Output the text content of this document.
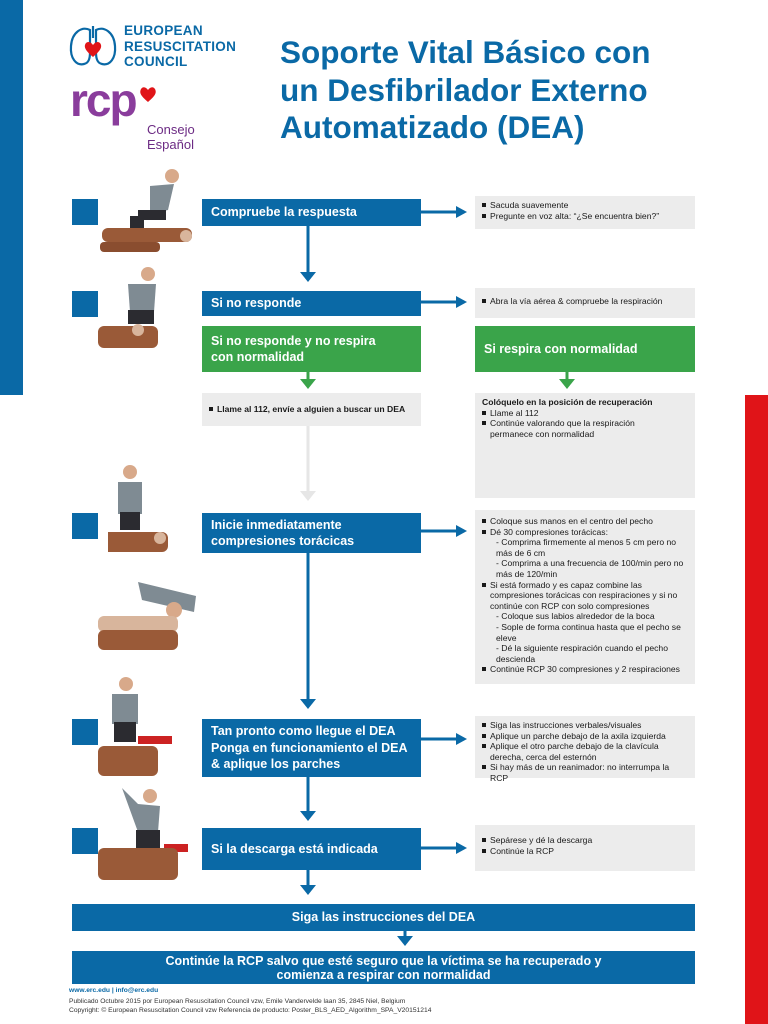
EUROPEAN
RESUSCITATION
COUNCIL
rcp
Consejo
Español
Soporte Vital Básico con
un Desfibrilador Externo
Automatizado (DEA)
Compruebe la respuesta
Sacuda suavemente
Pregunte en voz alta: “¿Se encuentra bien?”
Si no responde	Abra la vía aérea & compruebe la respiración
Si no responde y no respira
con normalidad
Si respira con normalidad
Llame al 112, envíe a alguien a buscar un DEA
Colóquelo en la posición de recuperación
Llame al 112
Continúe valorando que la respiración permanece con normalidad
Inicie inmediatamente
compresiones torácicas
Coloque sus manos en el centro del pecho
Dé 30 compresiones torácicas:
- Comprima firmemente al menos 5 cm pero no más de 6 cm
- Comprima a una frecuencia de 100/min pero no más de 120/min
Si está formado y es capaz combine las compresiones torácicas con respiraciones y si no continúe con RCP con solo compresiones
- Coloque sus labios alrededor de la boca
- Sople de forma continua hasta que el pecho se eleve
- Dé la siguiente respiración cuando el pecho descienda
Continúe RCP 30 compresiones y 2 respiraciones
Tan pronto como llegue el DEA
Ponga en funcionamiento el DEA
& aplique los parches
Siga las instrucciones verbales/visuales
Aplique un parche debajo de la axila izquierda
Aplique el otro parche debajo de la clavícula derecha, cerca del esternón
Si hay más de un reanimador: no interrumpa la RCP
Si la descarga está indicada
Sepárese y dé la descarga
Continúe la RCP
Siga las instrucciones del DEA
Continúe la RCP salvo que esté seguro que la víctima se ha recuperado y
comienza a respirar con normalidad
www.erc.edu | info@erc.edu
Publicado Octubre 2015 por European Resuscitation Council vzw, Emile Vandervelde laan 35, 2845 Niel, Belgium
Copyright: © European Resuscitation Council vzw Referencia de producto: Poster_BLS_AED_Algorithm_SPA_V20151214
